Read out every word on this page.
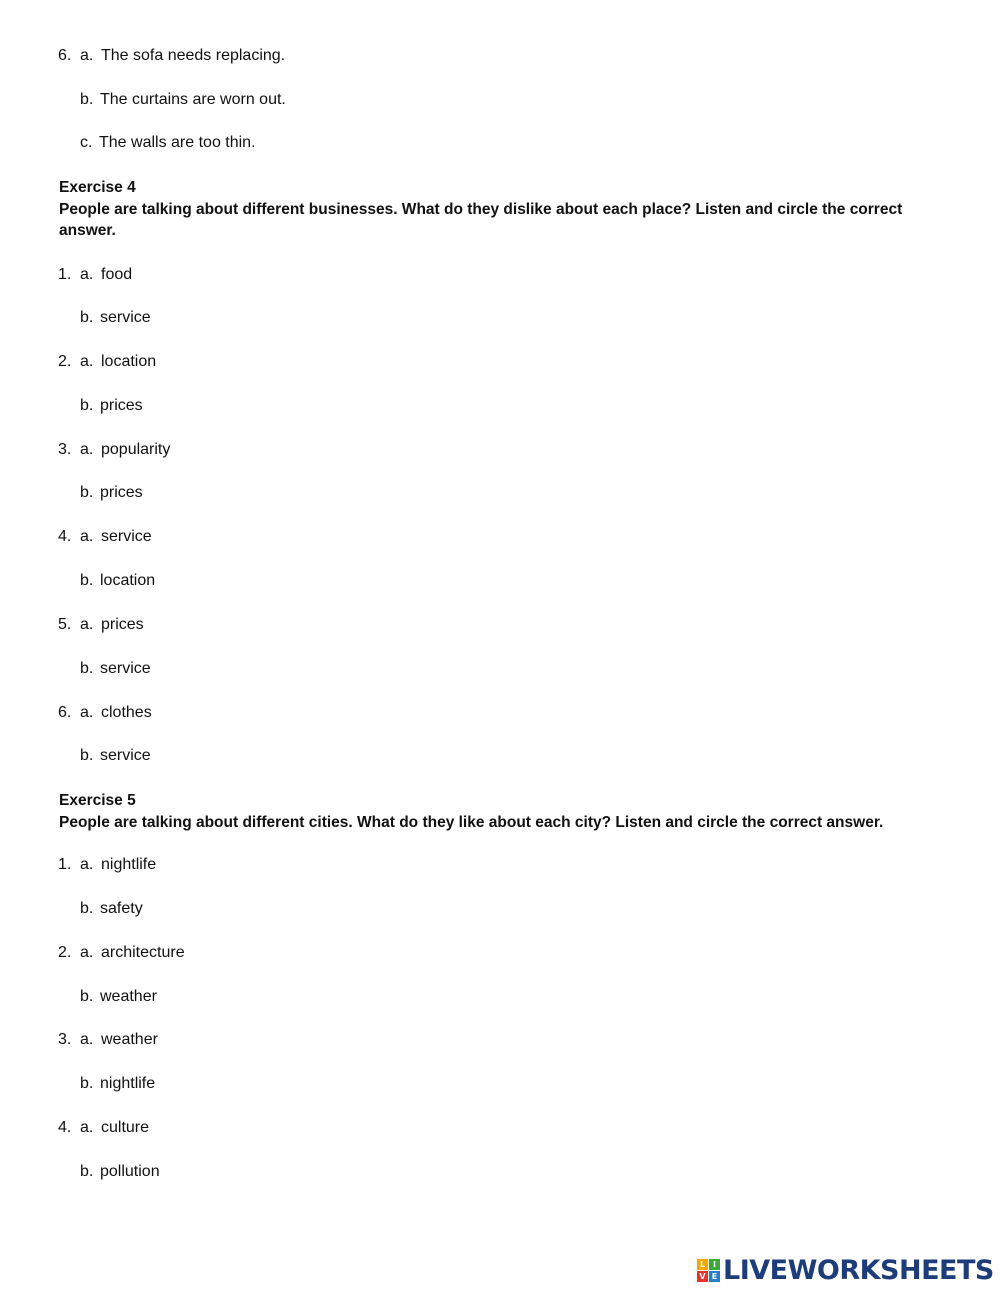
6. a. The sofa needs replacing.
b. The curtains are worn out.
c. The walls are too thin.
Exercise 4
People are talking about different businesses. What do they dislike about each place? Listen and circle the correct answer.
1. a. food
b. service
2. a. location
b. prices
3. a. popularity
b. prices
4. a. service
b. location
5. a. prices
b. service
6. a. clothes
b. service
Exercise 5
People are talking about different cities. What do they like about each city? Listen and circle the correct answer.
1. a. nightlife
b. safety
2. a. architecture
b. weather
3. a. weather
b. nightlife
4. a. culture
b. pollution
L I
V E LIVEWORKSHEETS
